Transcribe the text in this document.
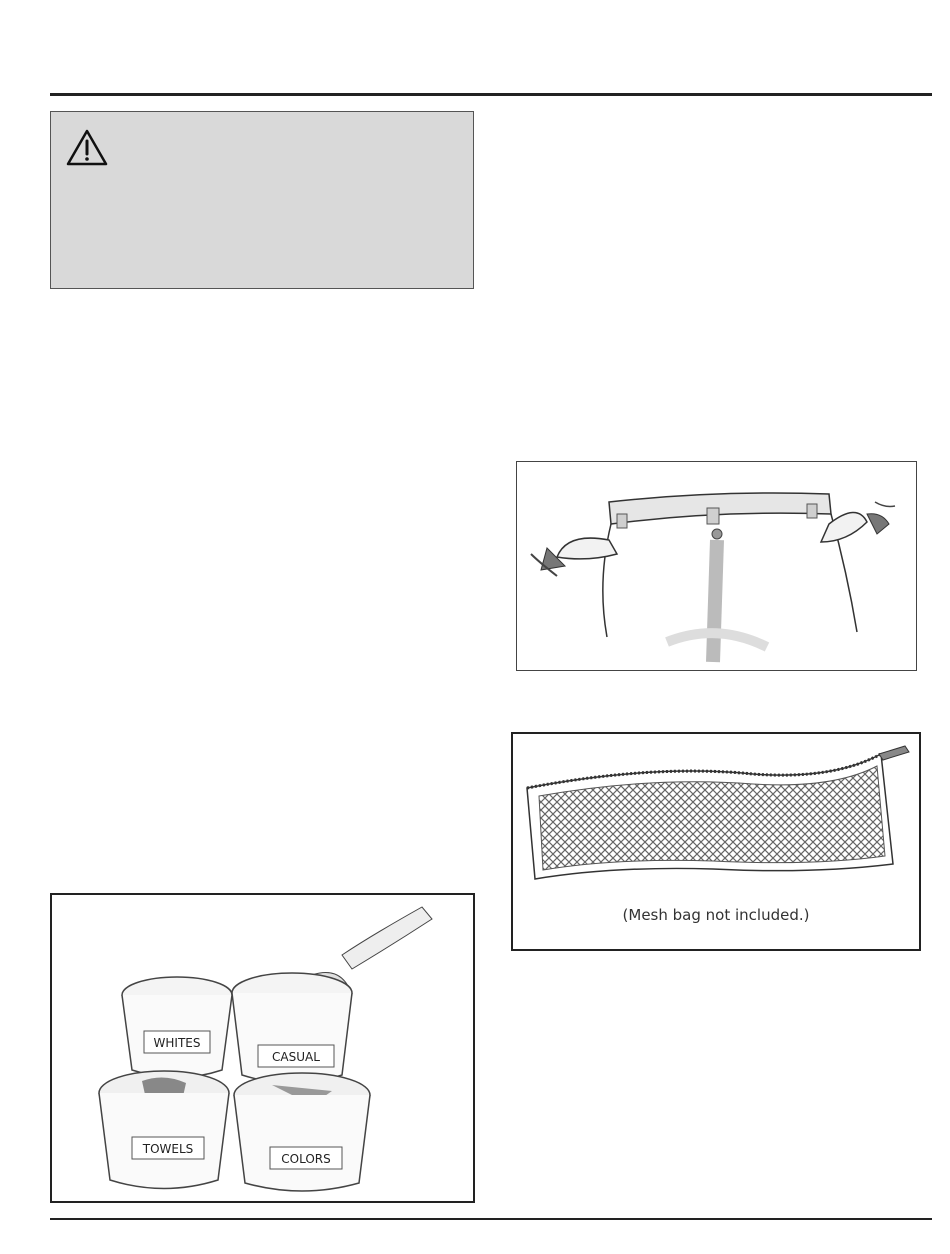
(Mesh bag not included.)
WHITES
CASUAL
TOWELS
COLORS
